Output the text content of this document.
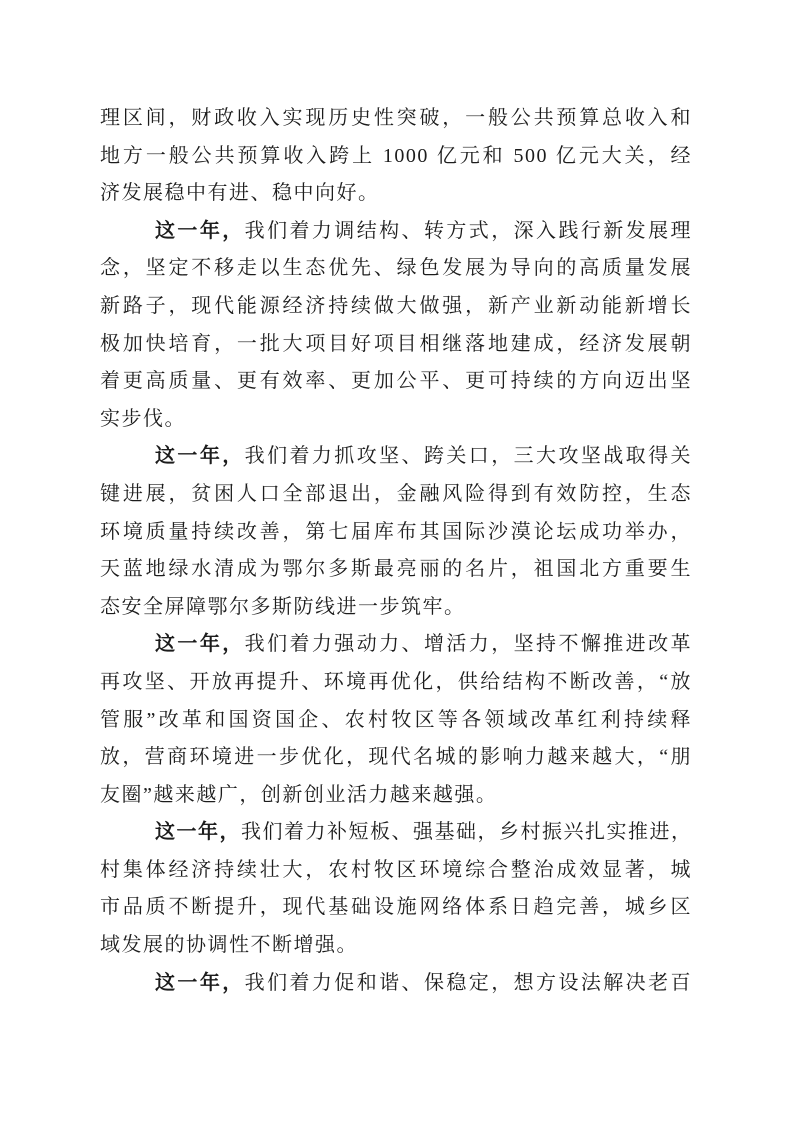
理区间，财政收入实现历史性突破，一般公共预算总收入和
地方一般公共预算收入跨上 1000 亿元和 500 亿元大关，经
济发展稳中有进、稳中向好。
这一年，我们着力调结构、转方式，深入践行新发展理
念，坚定不移走以生态优先、绿色发展为导向的高质量发展
新路子，现代能源经济持续做大做强，新产业新动能新增长
极加快培育，一批大项目好项目相继落地建成，经济发展朝
着更高质量、更有效率、更加公平、更可持续的方向迈出坚
实步伐。
这一年，我们着力抓攻坚、跨关口，三大攻坚战取得关
键进展，贫困人口全部退出，金融风险得到有效防控，生态
环境质量持续改善，第七届库布其国际沙漠论坛成功举办，
天蓝地绿水清成为鄂尔多斯最亮丽的名片，祖国北方重要生
态安全屏障鄂尔多斯防线进一步筑牢。
这一年，我们着力强动力、增活力，坚持不懈推进改革
再攻坚、开放再提升、环境再优化，供给结构不断改善，“放
管服”改革和国资国企、农村牧区等各领域改革红利持续释
放，营商环境进一步优化，现代名城的影响力越来越大，“朋
友圈”越来越广，创新创业活力越来越强。
这一年，我们着力补短板、强基础，乡村振兴扎实推进，
村集体经济持续壮大，农村牧区环境综合整治成效显著，城
市品质不断提升，现代基础设施网络体系日趋完善，城乡区
域发展的协调性不断增强。
这一年，我们着力促和谐、保稳定，想方设法解决老百
